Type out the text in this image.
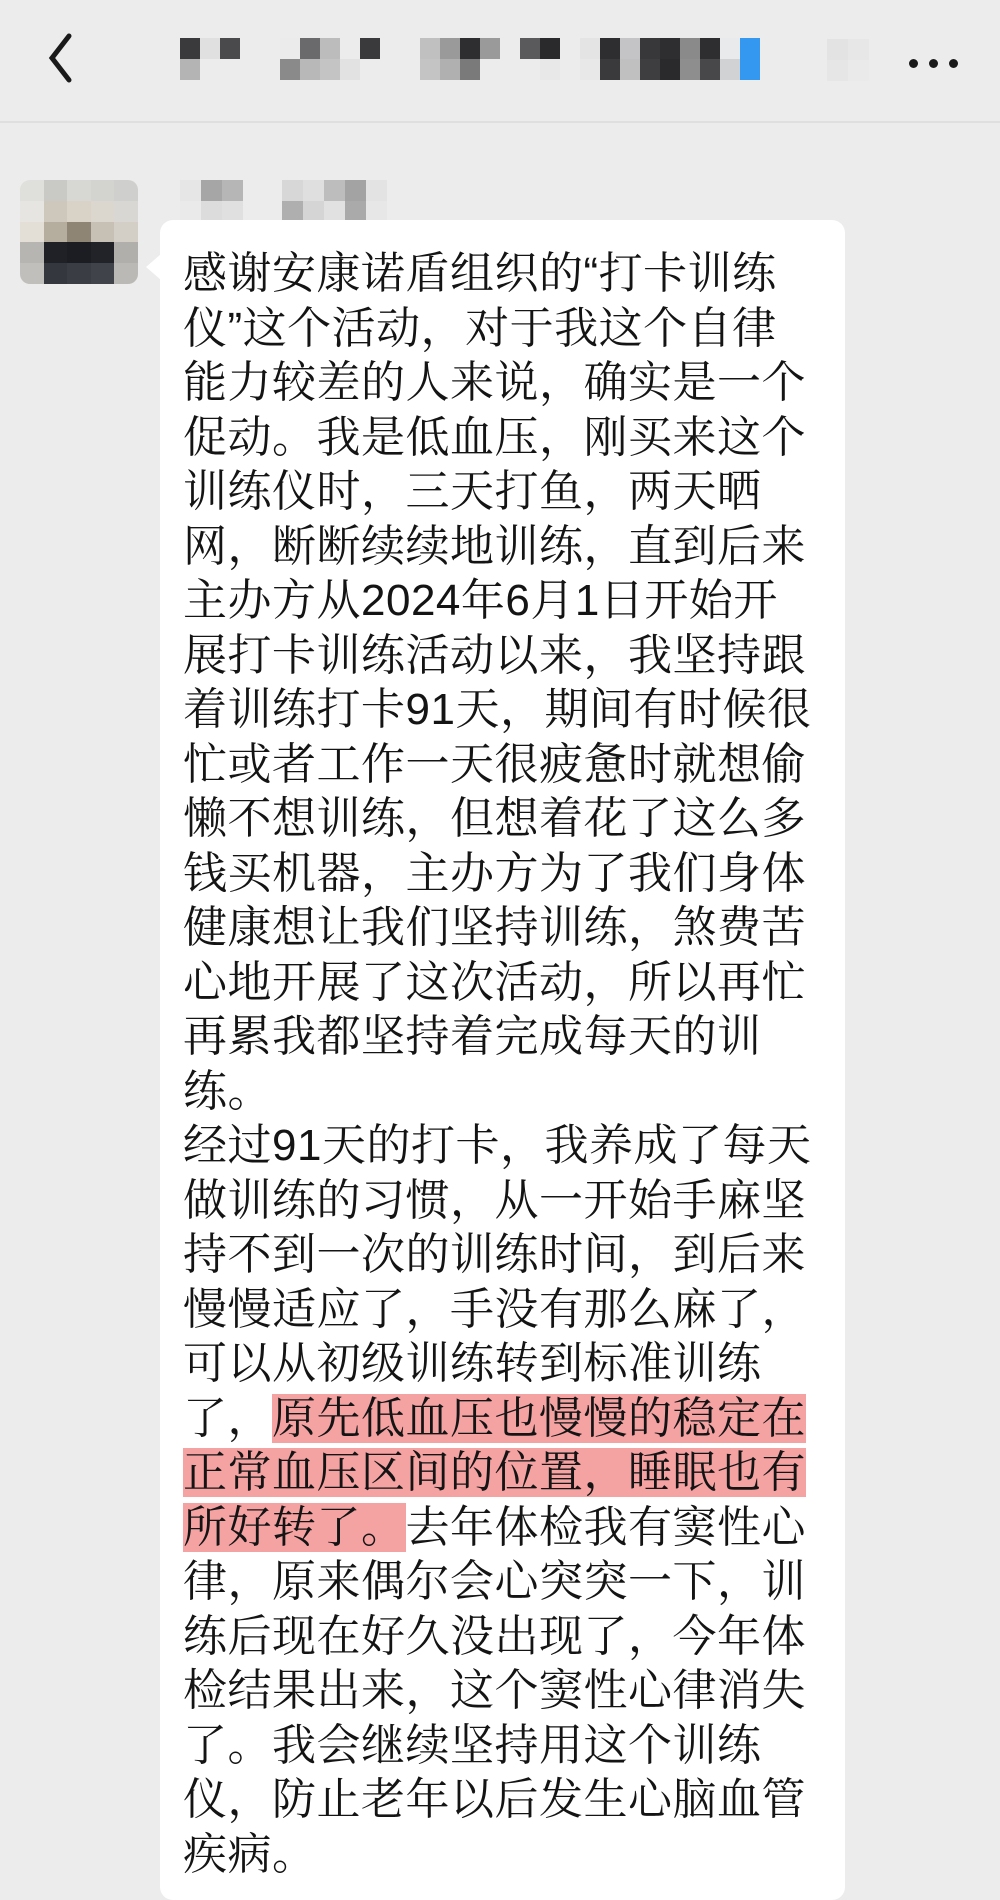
感谢安康诺盾组织的“打卡训练仪”这个活动，对于我这个自律能力较差的人来说，确实是一个促动。我是低血压，刚买来这个训练仪时，三天打鱼，两天晒网，断断续续地训练，直到后来主办方从2024年6月1日开始开展打卡训练活动以来，我坚持跟着训练打卡91天，期间有时候很忙或者工作一天很疲惫时就想偷懒不想训练，但想着花了这么多钱买机器，主办方为了我们身体健康想让我们坚持训练，煞费苦心地开展了这次活动，所以再忙再累我都坚持着完成每天的训练。

经过91天的打卡，我养成了每天做训练的习惯，从一开始手麻坚持不到一次的训练时间，到后来慢慢适应了，手没有那么麻了，可以从初级训练转到标准训练了，原先低血压也慢慢的稳定在正常血压区间的位置，睡眠也有所好转了。去年体检我有窦性心律，原来偶尔会心突突一下，训练后现在好久没出现了，今年体检结果出来，这个窦性心律消失了。我会继续坚持用这个训练仪，防止老年以后发生心脑血管疾病。
